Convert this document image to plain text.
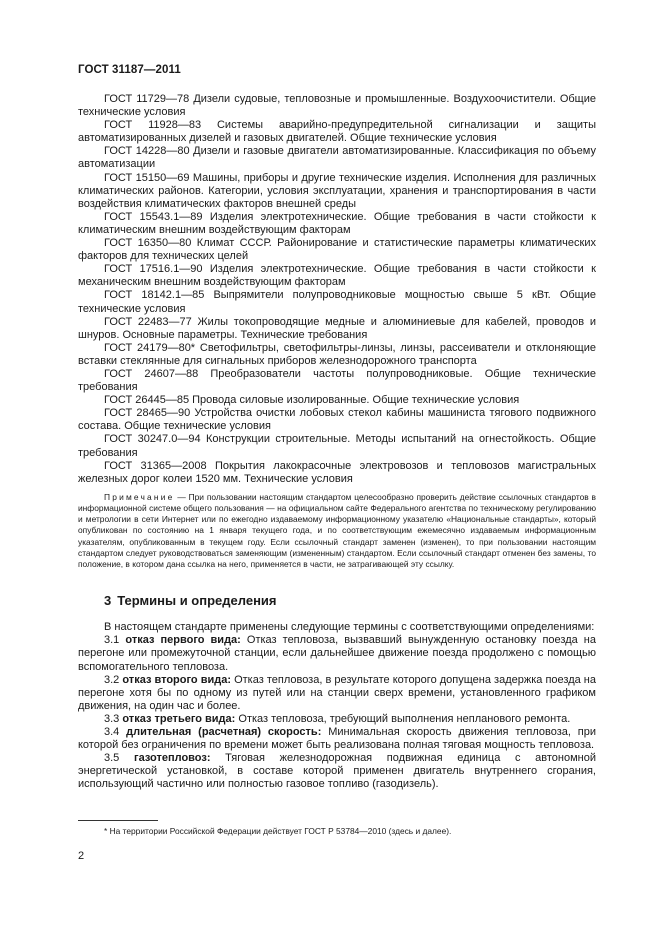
ГОСТ 31187—2011

ГОСТ 11729—78 Дизели судовые, тепловозные и промышленные. Воздухоочистители. Общие технические условия

ГОСТ 11928—83 Системы аварийно-предупредительной сигнализации и защиты автоматизированных дизелей и газовых двигателей. Общие технические условия

ГОСТ 14228—80 Дизели и газовые двигатели автоматизированные. Классификация по объему автоматизации

ГОСТ 15150—69 Машины, приборы и другие технические изделия. Исполнения для различных климатических районов. Категории, условия эксплуатации, хранения и транспортирования в части воздействия климатических факторов внешней среды

ГОСТ 15543.1—89 Изделия электротехнические. Общие требования в части стойкости к климатическим внешним воздействующим факторам

ГОСТ 16350—80 Климат СССР. Районирование и статистические параметры климатических факторов для технических целей

ГОСТ 17516.1—90 Изделия электротехнические. Общие требования в части стойкости к механическим внешним воздействующим факторам

ГОСТ 18142.1—85 Выпрямители полупроводниковые мощностью свыше 5 кВт. Общие технические условия

ГОСТ 22483—77 Жилы токопроводящие медные и алюминиевые для кабелей, проводов и шнуров. Основные параметры. Технические требования

ГОСТ 24179—80* Светофильтры, светофильтры-линзы, линзы, рассеиватели и отклоняющие вставки стеклянные для сигнальных приборов железнодорожного транспорта

ГОСТ 24607—88 Преобразователи частоты полупроводниковые. Общие технические требования

ГОСТ 26445—85 Провода силовые изолированные. Общие технические условия

ГОСТ 28465—90 Устройства очистки лобовых стекол кабины машиниста тягового подвижного состава. Общие технические условия

ГОСТ 30247.0—94 Конструкции строительные. Методы испытаний на огнестойкость. Общие требования

ГОСТ 31365—2008 Покрытия лакокрасочные электровозов и тепловозов магистральных железных дорог колеи 1520 мм. Технические условия

Примечание — При пользовании настоящим стандартом целесообразно проверить действие ссылочных стандартов в информационной системе общего пользования — на официальном сайте Федерального агентства по техническому регулированию и метрологии в сети Интернет или по ежегодно издаваемому информационному указателю «Национальные стандарты», который опубликован по состоянию на 1 января текущего года, и по соответствующим ежемесячно издаваемым информационным указателям, опубликованным в текущем году. Если ссылочный стандарт заменен (изменен), то при пользовании настоящим стандартом следует руководствоваться заменяющим (измененным) стандартом. Если ссылочный стандарт отменен без замены, то положение, в котором дана ссылка на него, применяется в части, не затрагивающей эту ссылку.

3 Термины и определения

В настоящем стандарте применены следующие термины с соответствующими определениями:

3.1 отказ первого вида: Отказ тепловоза, вызвавший вынужденную остановку поезда на перегоне или промежуточной станции, если дальнейшее движение поезда продолжено с помощью вспомогательного тепловоза.

3.2 отказ второго вида: Отказ тепловоза, в результате которого допущена задержка поезда на перегоне хотя бы по одному из путей или на станции сверх времени, установленного графиком движения, на один час и более.

3.3 отказ третьего вида: Отказ тепловоза, требующий выполнения непланового ремонта.

3.4 длительная (расчетная) скорость: Минимальная скорость движения тепловоза, при которой без ограничения по времени может быть реализована полная тяговая мощность тепловоза.

3.5 газотепловоз: Тяговая железнодорожная подвижная единица с автономной энергетической установкой, в составе которой применен двигатель внутреннего сгорания, использующий частично или полностью газовое топливо (газодизель).

* На территории Российской Федерации действует ГОСТ Р 53784—2010 (здесь и далее).
2
